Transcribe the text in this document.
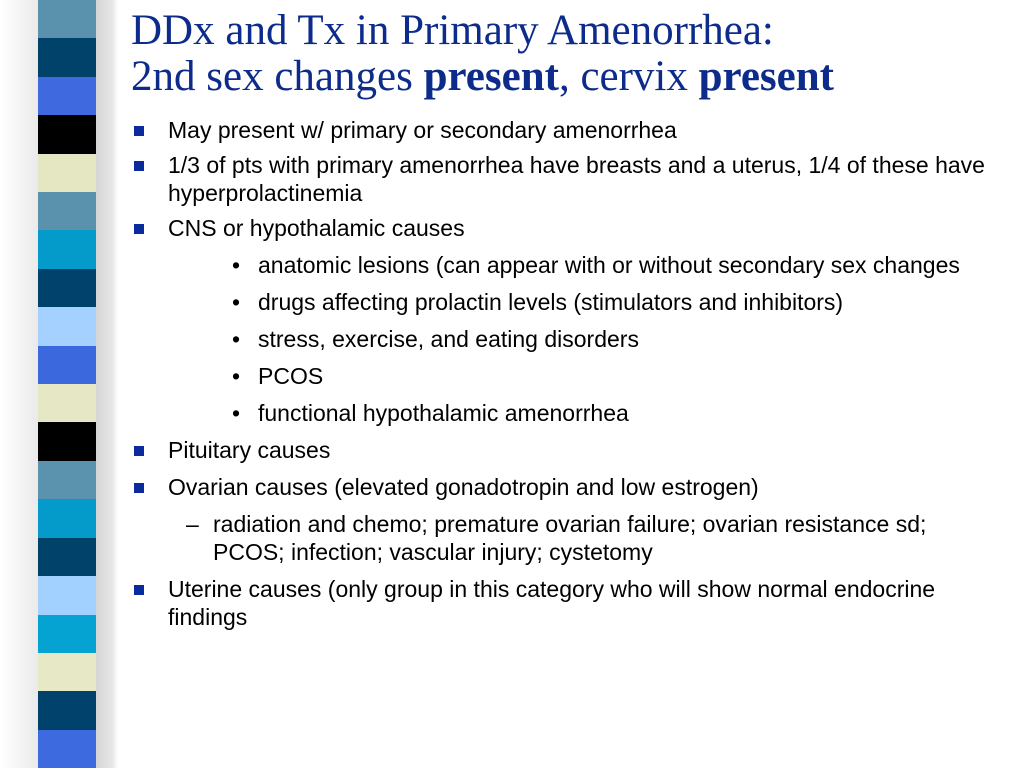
DDx and Tx in Primary Amenorrhea:
2nd sex changes present, cervix present

May present w/ primary or secondary amenorrhea

1/3 of pts with primary amenorrhea have breasts and a uterus, 1/4 of these have hyperprolactinemia

CNS or hypothalamic causes

• anatomic lesions (can appear with or without secondary sex changes

• drugs affecting prolactin levels (stimulators and inhibitors)

• stress, exercise, and eating disorders

• PCOS

• functional hypothalamic amenorrhea

Pituitary causes

Ovarian causes (elevated gonadotropin and low estrogen)

– radiation and chemo; premature ovarian failure; ovarian resistance sd; PCOS; infection; vascular injury; cystetomy

Uterine causes (only group in this category who will show normal endocrine findings
